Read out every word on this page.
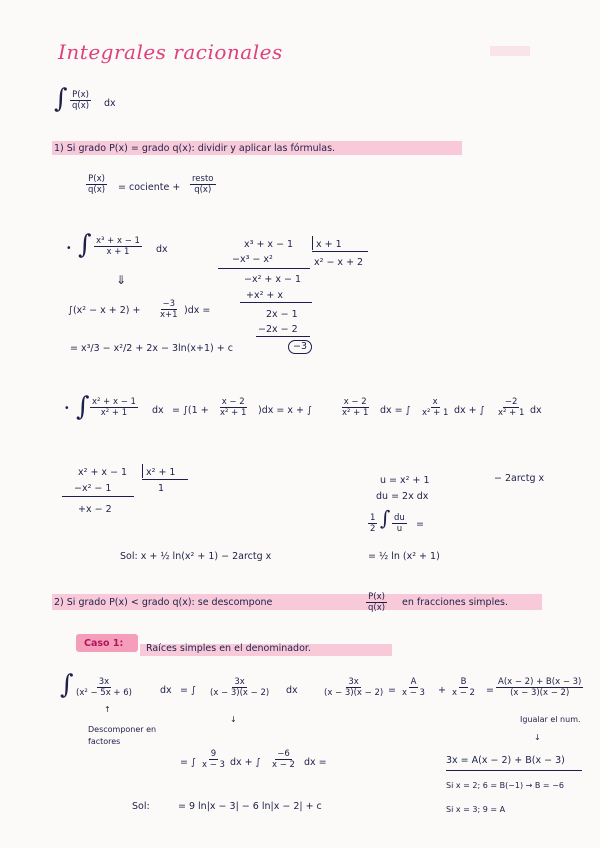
Integrales racionales
∫ $\frac{P(x)}{q(x)}$ dx
1) Si grado P(x) = grado q(x): dividir y aplicar las fórmulas.
$\frac{P(x)}{q(x)}$ = cociente +
resto
q(x)
• ∫ $\frac{\text{x³ + x − 1}}{x + 1}$ dx
⇓
$\int(x^2 - x + 2) + \frac{-3}{x+1} )dx$ =
= x³/3 − x²/2 + 2x − 3ln(x+1) + c
x³ + x − 1 x + 1
−x³ − x²	x² − x + 2
−x² + x − 1
+x² + x
2x − 1
−2x − 2
−3
• ∫ $\frac{\text{x² + x − 1}}{\text{x² + 1}}$ dx = $\int(1 + \frac{x - 2}{\text{x² + 1}} )dx = x$ + ∫	$\frac{x - 2}{\text{x² + 1}}$ dx = ∫ $\frac{x}{\text{x² + 1}}$ dx + ∫ $\frac{-2}{\text{x² + 1}}$ dx
x² + x − 1 x² + 1
−x² − 1	1
+x − 2
u = x² + 1
du = 2x dx
$\frac{1}{2}$ ∫ $\frac{du}{u}$ =
= ½ ln (x² + 1)
− 2arctg x
Sol: x + ½ ln(x² + 1) − 2arctg x
2) Si grado P(x) < grado q(x): se descompone	$\frac{P(x)}{q(x)}$ en fracciones simples.
Caso 1: Raíces simples en el denominador.
∫ $\frac{3x}{\text{(x² − 5x + 6)}}$	dx = ∫ $\frac{3x}{(x - 3)(x - 2)}$ dx
↑
Descomponer en
factores
↓
$\frac{3x}{(x - 3)(x - 2)} = \frac{A}{x - 3} + \frac{B}{x - 2} = \frac{A(x - 2) + B(x - 3)}{(x - 3)(x - 2)}$
Igualar el num.
↓
= ∫ $\frac{9}{x - 3}$ dx + ∫ $\frac{-6}{x - 2}$ dx =	3x = A(x − 2) + B(x − 3)
Si x = 2; 6 = B(−1) → B = −6
Si x = 3; 9 = A
Sol:	= 9 ln|x − 3| − 6 ln|x − 2| + c
